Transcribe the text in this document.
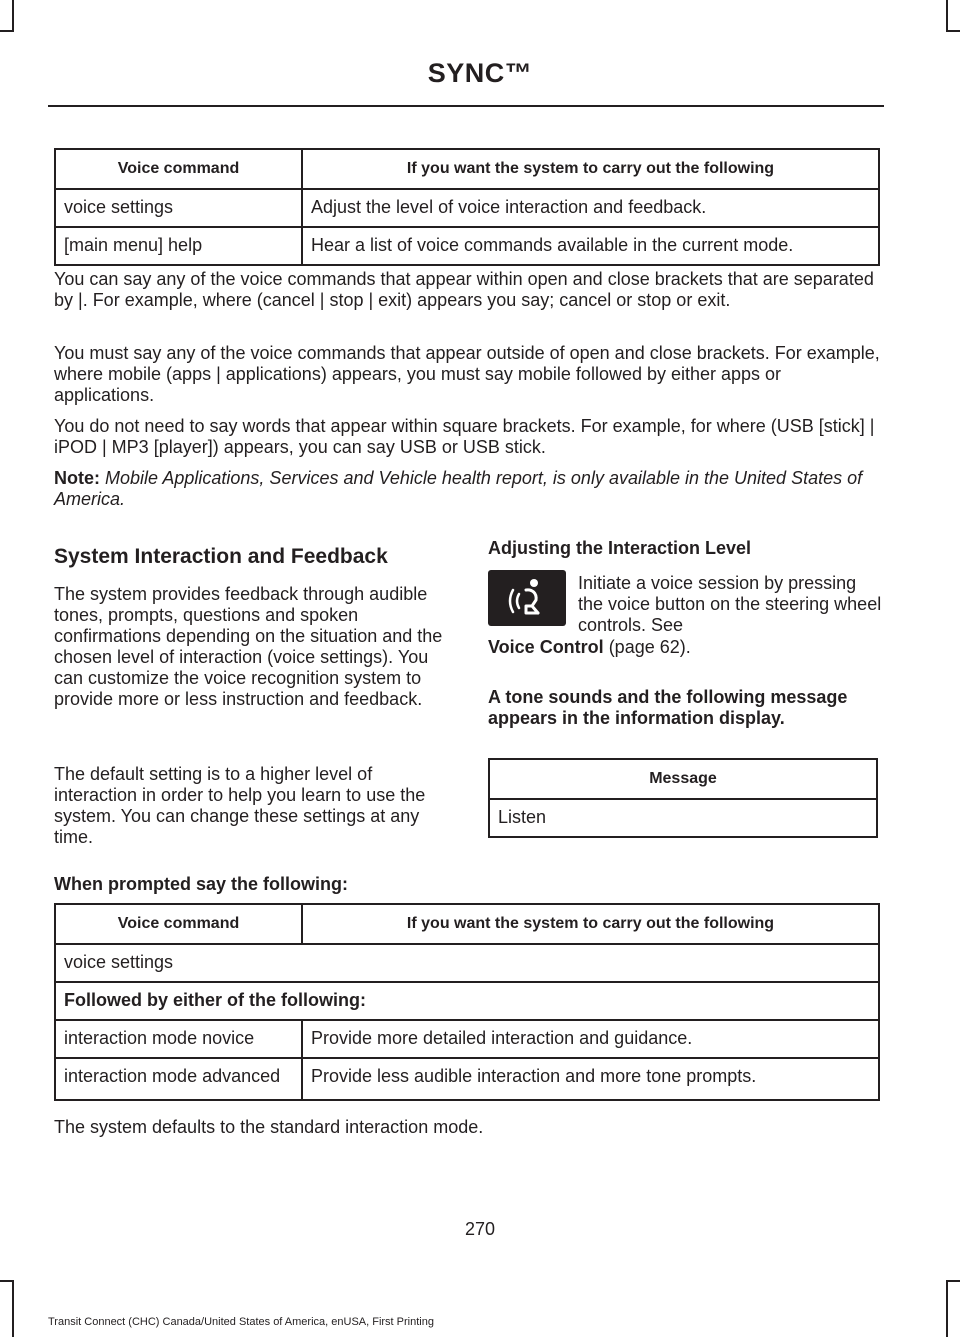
SYNC™
Voice command	If you want the system to carry out the following
voice settings	Adjust the level of voice interaction and feedback.
[main menu] help	Hear a list of voice commands available in the current mode.

You can say any of the voice commands that appear within open and close brackets that are separated by |. For example, where (cancel | stop | exit) appears you say; cancel or stop or exit.

You must say any of the voice commands that appear outside of open and close brackets. For example, where mobile (apps | applications) appears, you must say mobile followed by either apps or applications.

You do not need to say words that appear within square brackets. For example, for where (USB [stick] | iPOD | MP3 [player]) appears, you can say USB or USB stick.

Note: Mobile Applications, Services and Vehicle health report, is only available in the United States of America.

System Interaction and Feedback

The system provides feedback through audible tones, prompts, questions and spoken confirmations depending on the situation and the chosen level of interaction (voice settings). You can customize the voice recognition system to provide more or less instruction and feedback.

The default setting is to a higher level of interaction in order to help you learn to use the system. You can change these settings at any time.

Adjusting the Interaction Level

Initiate a voice session by pressing the voice button on the steering wheel controls. See

Voice Control (page 62).

A tone sounds and the following message appears in the information display.
Message
Listen
When prompted say the following:
Voice command	If you want the system to carry out the following
voice settings	
Followed by either of the following:	
interaction mode novice	Provide more detailed interaction and guidance.
interaction mode advanced	Provide less audible interaction and more tone prompts.

The system defaults to the standard interaction mode.

270
Transit Connect (CHC) Canada/United States of America, enUSA, First Printing
